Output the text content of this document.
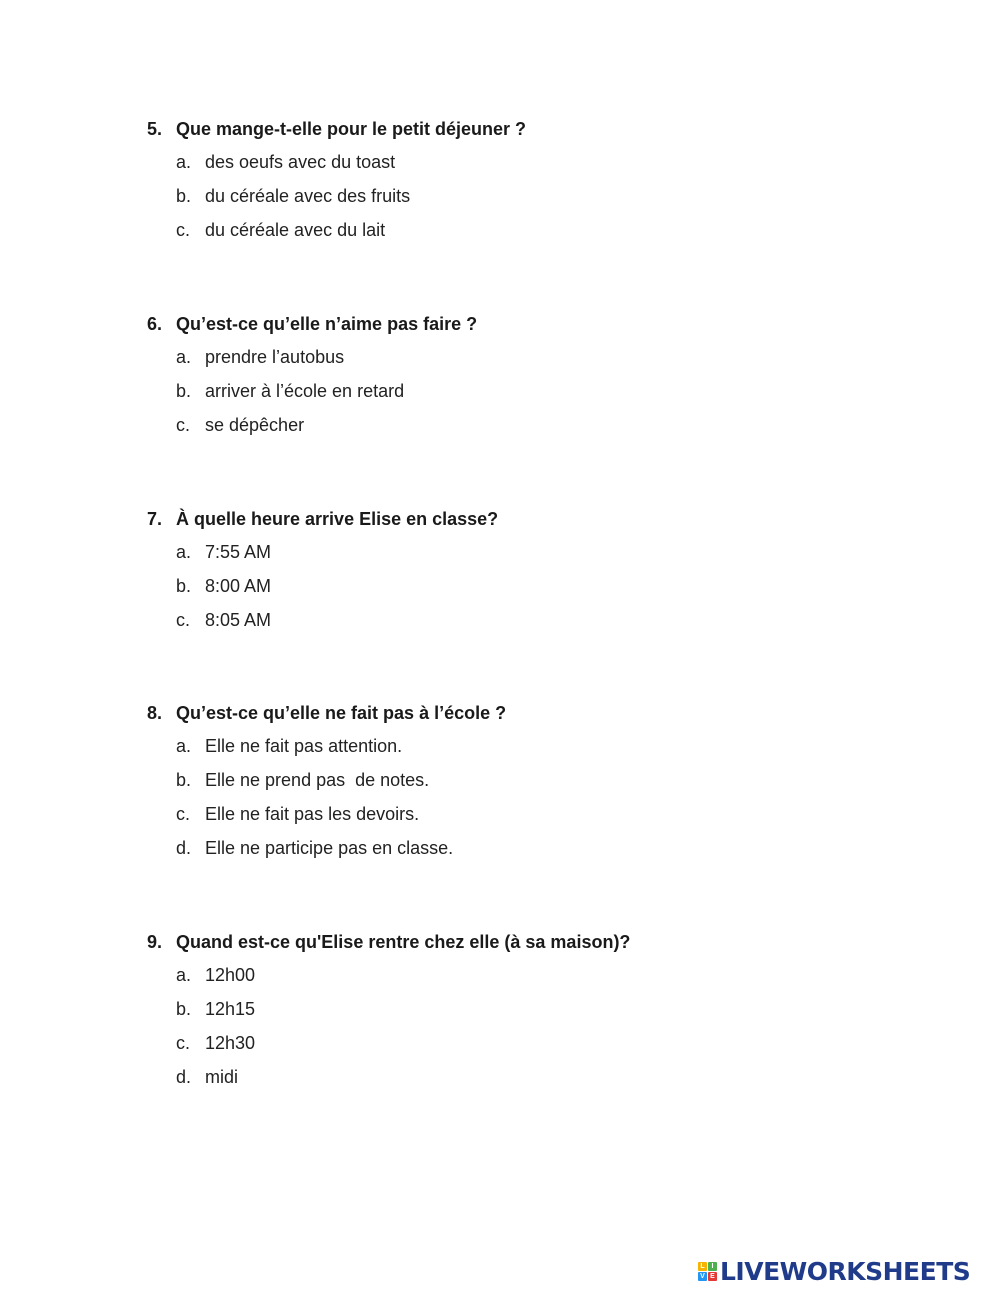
5. Que mange-t-elle pour le petit déjeuner ?
a. des oeufs avec du toast
b. du céréale avec des fruits
c. du céréale avec du lait
6. Qu’est-ce qu’elle n’aime pas faire ?
a. prendre l’autobus
b. arriver à l’école en retard
c. se dépêcher
7. À quelle heure arrive Elise en classe?
a. 7:55 AM
b. 8:00 AM
c. 8:05 AM
8. Qu’est-ce qu’elle ne fait pas à l’école ?
a. Elle ne fait pas attention.
b. Elle ne prend pas  de notes.
c. Elle ne fait pas les devoirs.
d. Elle ne participe pas en classe.
9. Quand est-ce qu'Elise rentre chez elle (à sa maison)?
a. 12h00
b. 12h15
c. 12h30
d. midi
L I
V E LIVEWORKSHEETS
